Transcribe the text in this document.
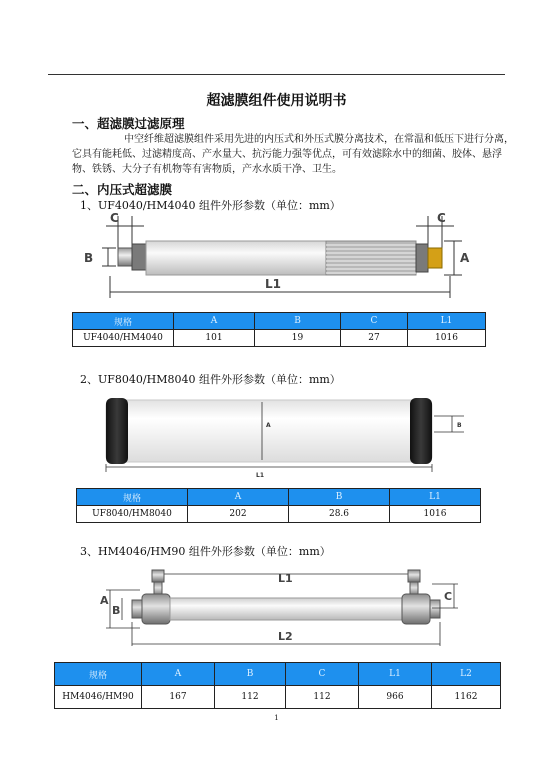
超滤膜组件使用说明书
一、超滤膜过滤原理
中空纤维超滤膜组件采用先进的内压式和外压式膜分离技术，在常温和低压下进行分离，它具有能耗低、过滤精度高、产水量大、抗污能力强等优点，可有效滤除水中的细菌、胶体、悬浮物、铁锈、大分子有机物等有害物质，产水水质干净、卫生。
二、内压式超滤膜
1、UF4040/HM4040 组件外形参数（单位：mm）
C	C
B	A
L1
规格	A	B	C	L1
UF4040/HM4040	101	19	27	1016
2、UF8040/HM8040 组件外形参数（单位：mm）
A	B
L1
规格	A	B	L1
UF8040/HM8040	202	28.6	1016
3、HM4046/HM90 组件外形参数（单位：mm）
L1
A
B
C
L2
规格	A	B	C	L1	L2
HM4046/HM90	167	112	112	966	1162
1
